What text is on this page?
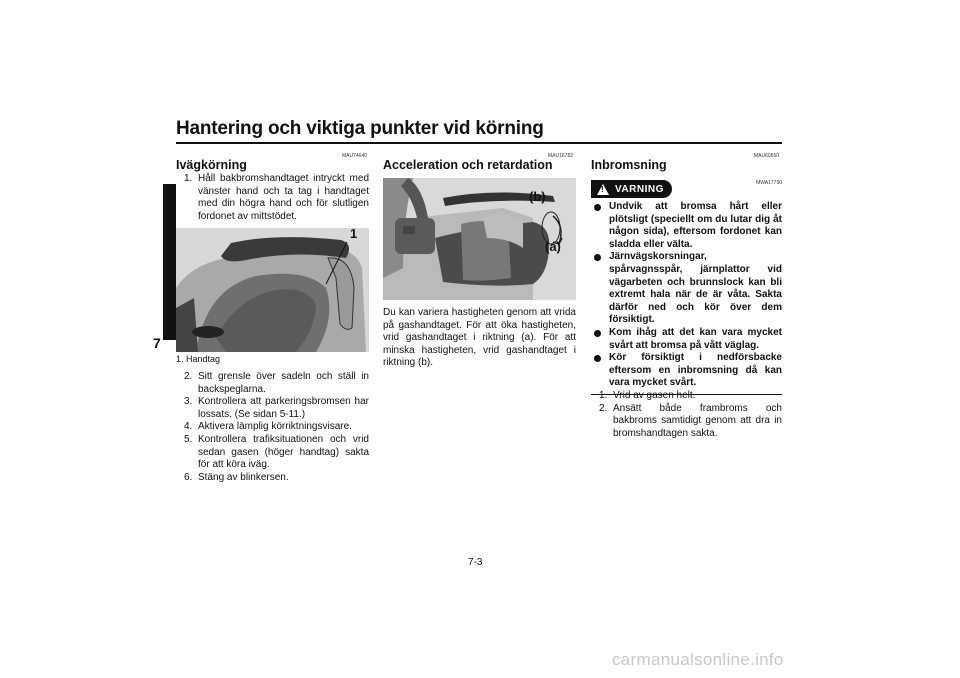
Hantering och viktiga punkter vid körning
7
MAU74640
Ivägkörning
1. Håll bakbromshandtaget intryckt med vänster hand och ta tag i handtaget med din högra hand och för slutligen fordonet av mittstödet.
1
1. Handtag
2. Sitt grensle över sadeln och ställ in backspeglarna.
3. Kontrollera att parkeringsbromsen har lossats. (Se sidan 5-11.)
4. Aktivera lämplig körriktningsvisare.
5. Kontrollera trafiksituationen och vrid sedan gasen (höger handtag) sakta för att köra iväg.
6. Stäng av blinkersen.
MAU16782
Acceleration och retardation
(b)
(a)
Du kan variera hastigheten genom att vrida på gashandtaget. För att öka hastigheten, vrid gashandtaget i riktning (a). För att minska hastigheten, vrid gashandtaget i riktning (b).
MAU60650
Inbromsning
!
VARNING
MWA17790
Undvik att bromsa hårt eller plötsligt (speciellt om du lutar dig åt någon sida), eftersom fordonet kan sladda eller välta.
Järnvägskorsningar, spårvagnsspår, järnplattor vid vägarbeten och brunnslock kan bli extremt hala när de är våta. Sakta därför ned och kör över dem försiktigt.
Kom ihåg att det kan vara mycket svårt att bromsa på vått väglag.
Kör försiktigt i nedförsbacke eftersom en inbromsning då kan vara mycket svårt.
1. Vrid av gasen helt.
2. Ansätt både frambroms och bakbroms samtidigt genom att dra in bromshandtagen sakta.
7-3
carmanualsonline.info
